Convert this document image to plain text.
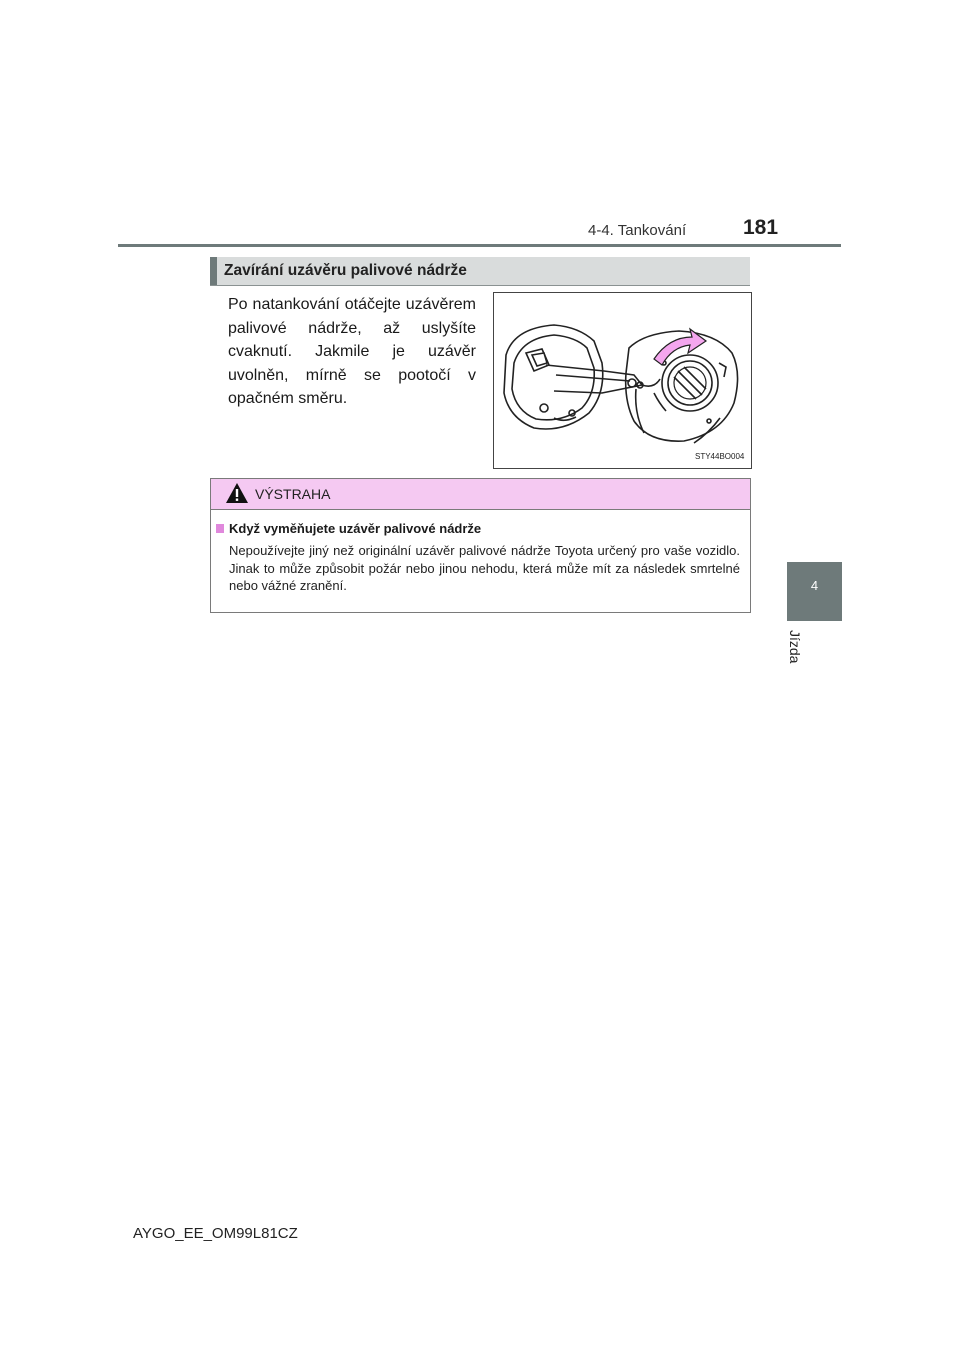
4-4. Tankování	181
4
Jízda
Zavírání uzávěru palivové nádrže
Po natankování otáčejte uzávěrem palivové nádrže, až uslyšíte cvaknutí. Jakmile je uzávěr uvolněn, mírně se pootočí v opačném směru.
STY44BO004
VÝSTRAHA
Když vyměňujete uzávěr palivové nádrže
Nepoužívejte jiný než originální uzávěr palivové nádrže Toyota určený pro vaše vozidlo. Jinak to může způsobit požár nebo jinou nehodu, která může mít za následek smrtelné nebo vážné zranění.
AYGO_EE_OM99L81CZ
